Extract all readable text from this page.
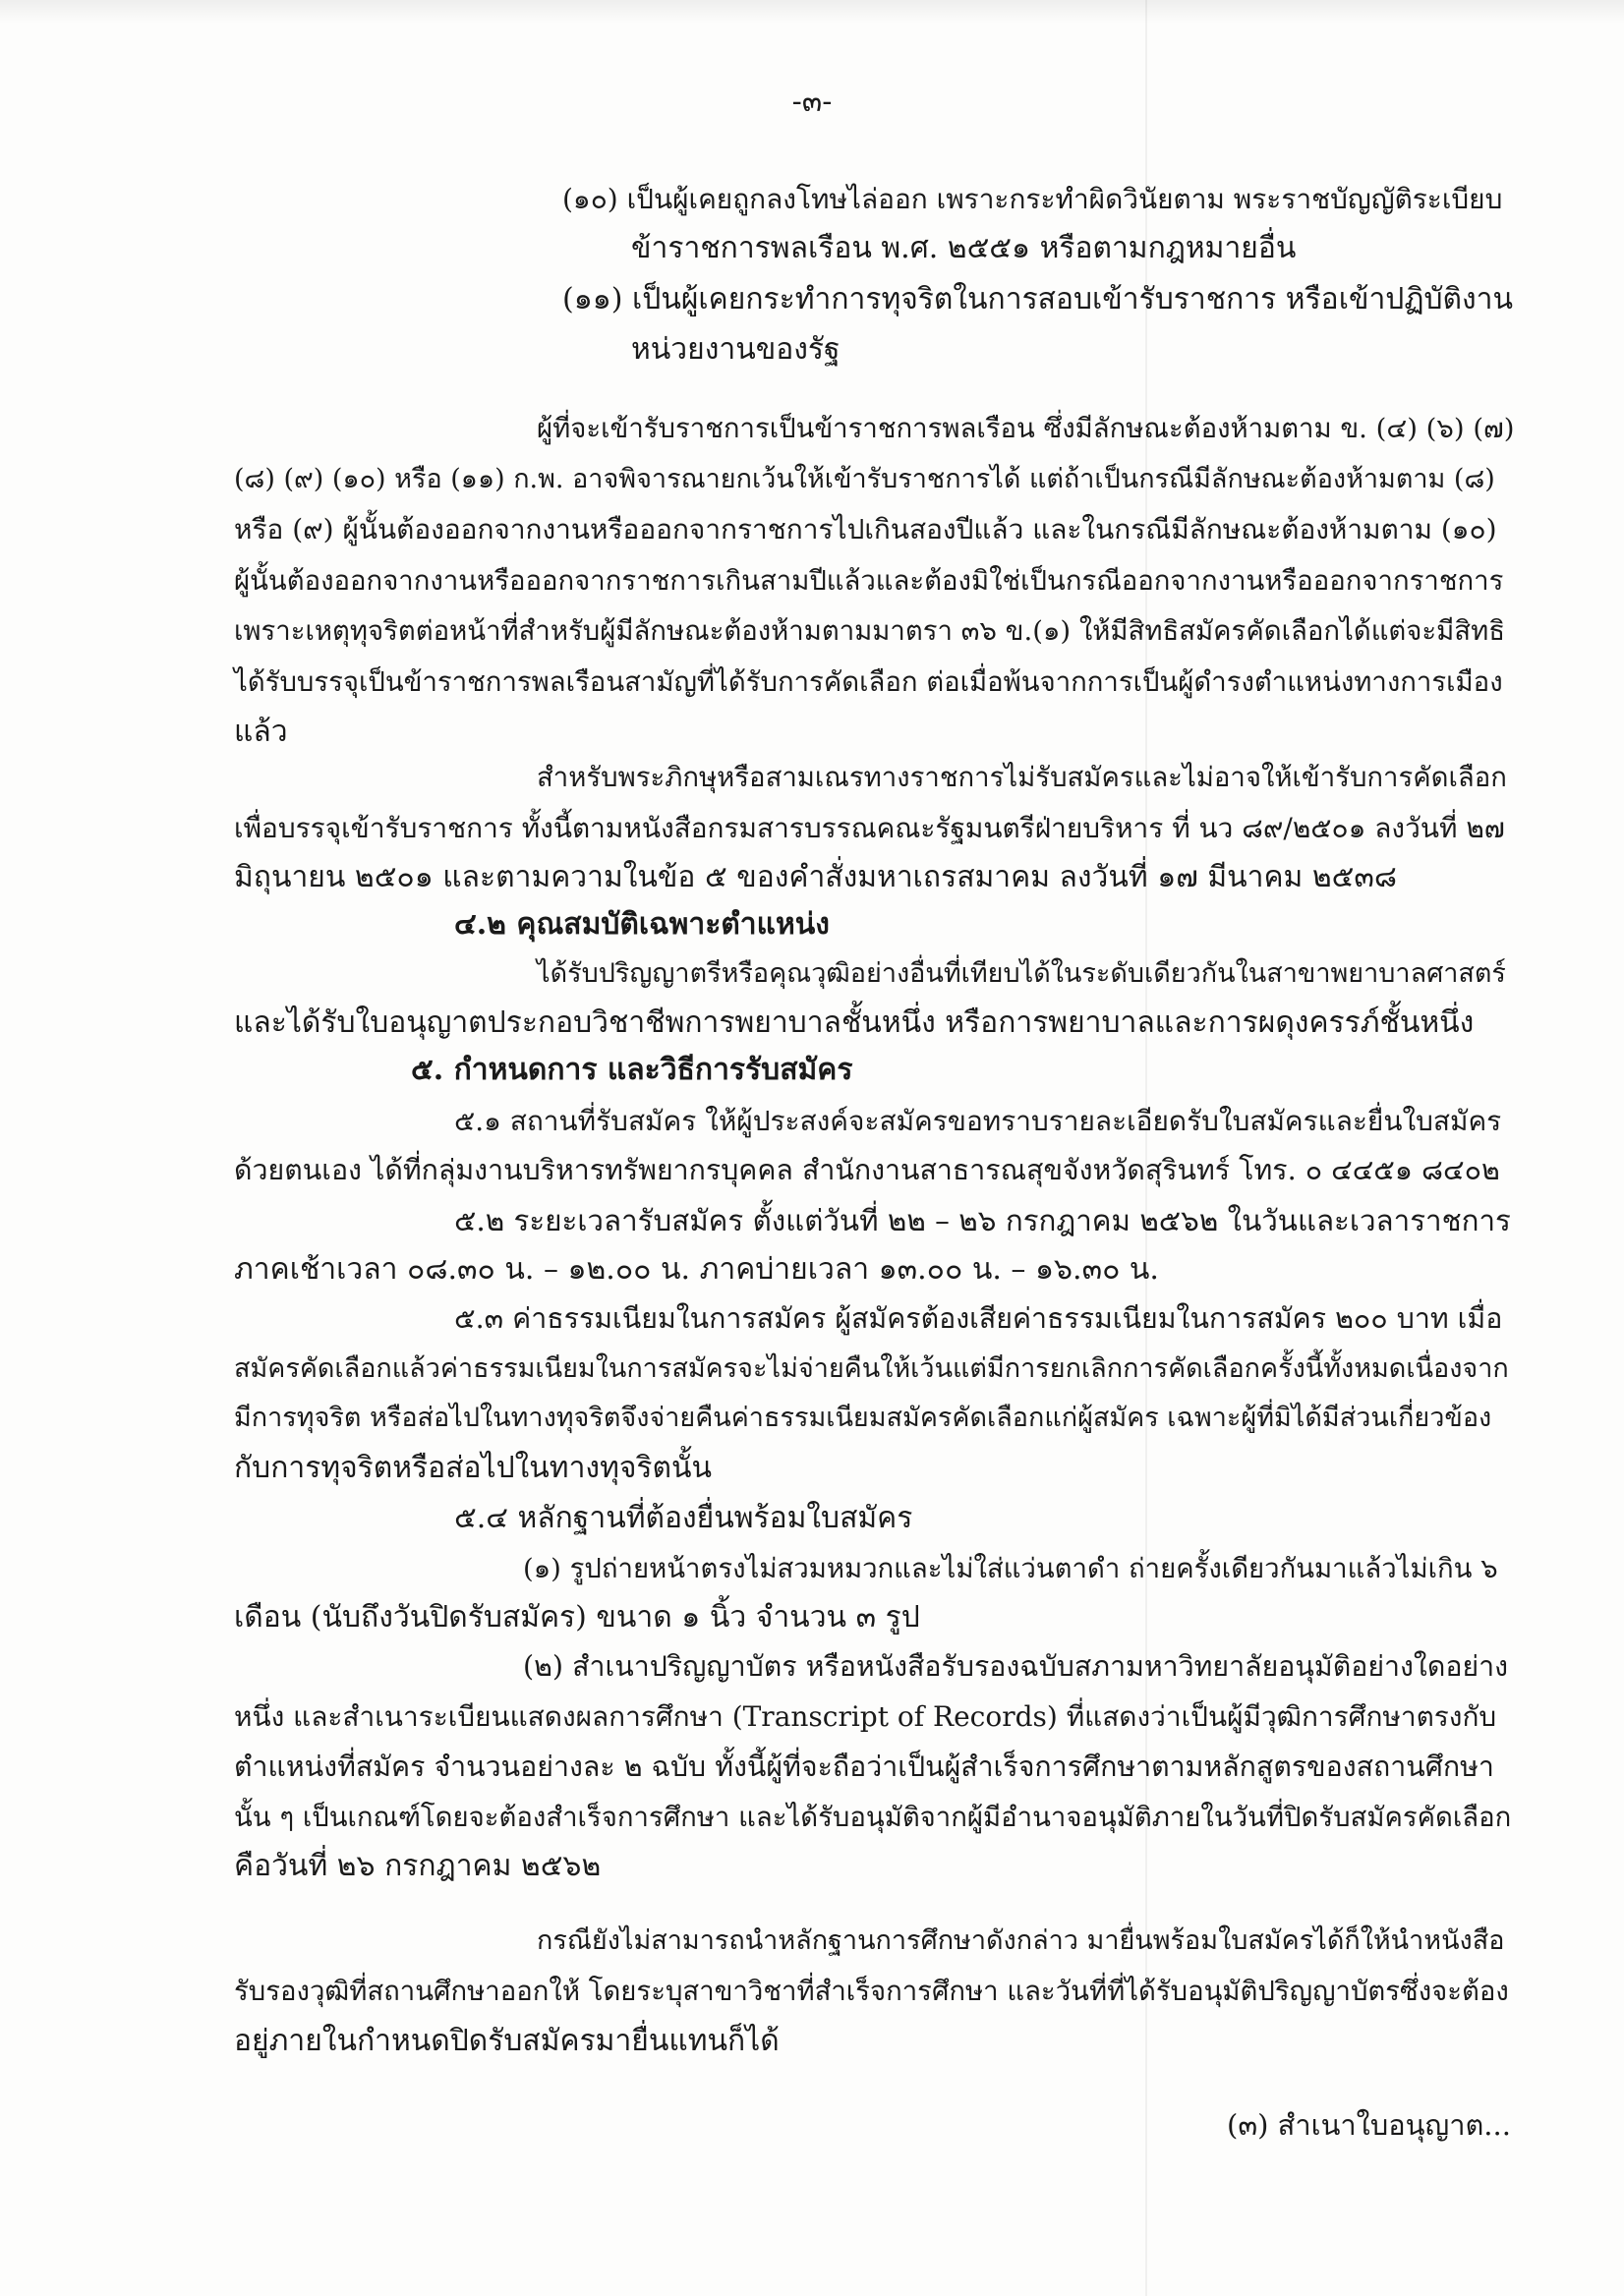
-๓-

(๑๐) เป็นผู้เคยถูกลงโทษไล่ออก เพราะกระทำผิดวินัยตาม พระราชบัญญัติระเบียบ

ข้าราชการพลเรือน พ.ศ. ๒๕๕๑ หรือตามกฎหมายอื่น

(๑๑) เป็นผู้เคยกระทำการทุจริตในการสอบเข้ารับราชการ หรือเข้าปฏิบัติงาน

หน่วยงานของรัฐ

ผู้ที่จะเข้ารับราชการเป็นข้าราชการพลเรือน ซึ่งมีลักษณะต้องห้ามตาม ข. (๔) (๖) (๗)

(๘) (๙) (๑๐) หรือ (๑๑) ก.พ. อาจพิจารณายกเว้นให้เข้ารับราชการได้ แต่ถ้าเป็นกรณีมีลักษณะต้องห้ามตาม (๘)

หรือ (๙) ผู้นั้นต้องออกจากงานหรือออกจากราชการไปเกินสองปีแล้ว และในกรณีมีลักษณะต้องห้ามตาม (๑๐)

ผู้นั้นต้องออกจากงานหรือออกจากราชการเกินสามปีแล้วและต้องมิใช่เป็นกรณีออกจากงานหรือออกจากราชการ

เพราะเหตุทุจริตต่อหน้าที่สำหรับผู้มีลักษณะต้องห้ามตามมาตรา ๓๖ ข.(๑) ให้มีสิทธิสมัครคัดเลือกได้แต่จะมีสิทธิ

ได้รับบรรจุเป็นข้าราชการพลเรือนสามัญที่ได้รับการคัดเลือก ต่อเมื่อพ้นจากการเป็นผู้ดำรงตำแหน่งทางการเมือง

แล้ว

สำหรับพระภิกษุหรือสามเณรทางราชการไม่รับสมัครและไม่อาจให้เข้ารับการคัดเลือก

เพื่อบรรจุเข้ารับราชการ ทั้งนี้ตามหนังสือกรมสารบรรณคณะรัฐมนตรีฝ่ายบริหาร ที่ นว ๘๙/๒๕๐๑ ลงวันที่ ๒๗

มิถุนายน ๒๕๐๑ และตามความในข้อ ๕ ของคำสั่งมหาเถรสมาคม ลงวันที่ ๑๗ มีนาคม ๒๕๓๘

๔.๒ คุณสมบัติเฉพาะตำแหน่ง

ได้รับปริญญาตรีหรือคุณวุฒิอย่างอื่นที่เทียบได้ในระดับเดียวกันในสาขาพยาบาลศาสตร์

และได้รับใบอนุญาตประกอบวิชาชีพการพยาบาลชั้นหนึ่ง หรือการพยาบาลและการผดุงครรภ์ชั้นหนึ่ง

๕. กำหนดการ และวิธีการรับสมัคร

๕.๑ สถานที่รับสมัคร ให้ผู้ประสงค์จะสมัครขอทราบรายละเอียดรับใบสมัครและยื่นใบสมัคร

ด้วยตนเอง ได้ที่กลุ่มงานบริหารทรัพยากรบุคคล สำนักงานสาธารณสุขจังหวัดสุรินทร์ โทร. ๐ ๔๔๕๑ ๘๔๐๒

๕.๒ ระยะเวลารับสมัคร ตั้งแต่วันที่ ๒๒ – ๒๖ กรกฎาคม ๒๕๖๒ ในวันและเวลาราชการ

ภาคเช้าเวลา ๐๘.๓๐ น. – ๑๒.๐๐ น. ภาคบ่ายเวลา ๑๓.๐๐ น. – ๑๖.๓๐ น.

๕.๓ ค่าธรรมเนียมในการสมัคร ผู้สมัครต้องเสียค่าธรรมเนียมในการสมัคร ๒๐๐ บาท เมื่อ

สมัครคัดเลือกแล้วค่าธรรมเนียมในการสมัครจะไม่จ่ายคืนให้เว้นแต่มีการยกเลิกการคัดเลือกครั้งนี้ทั้งหมดเนื่องจาก

มีการทุจริต หรือส่อไปในทางทุจริตจึงจ่ายคืนค่าธรรมเนียมสมัครคัดเลือกแก่ผู้สมัคร เฉพาะผู้ที่มิได้มีส่วนเกี่ยวข้อง

กับการทุจริตหรือส่อไปในทางทุจริตนั้น

๕.๔ หลักฐานที่ต้องยื่นพร้อมใบสมัคร

(๑) รูปถ่ายหน้าตรงไม่สวมหมวกและไม่ใส่แว่นตาดำ ถ่ายครั้งเดียวกันมาแล้วไม่เกิน ๖

เดือน (นับถึงวันปิดรับสมัคร) ขนาด ๑ นิ้ว จำนวน ๓ รูป

(๒) สำเนาปริญญาบัตร หรือหนังสือรับรองฉบับสภามหาวิทยาลัยอนุมัติอย่างใดอย่าง

หนึ่ง และสำเนาระเบียนแสดงผลการศึกษา (Transcript of Records) ที่แสดงว่าเป็นผู้มีวุฒิการศึกษาตรงกับ

ตำแหน่งที่สมัคร จำนวนอย่างละ ๒ ฉบับ ทั้งนี้ผู้ที่จะถือว่าเป็นผู้สำเร็จการศึกษาตามหลักสูตรของสถานศึกษา

นั้น ๆ เป็นเกณฑ์โดยจะต้องสำเร็จการศึกษา และได้รับอนุมัติจากผู้มีอำนาจอนุมัติภายในวันที่ปิดรับสมัครคัดเลือก

คือวันที่ ๒๖ กรกฎาคม ๒๕๖๒

กรณียังไม่สามารถนำหลักฐานการศึกษาดังกล่าว มายื่นพร้อมใบสมัครได้ก็ให้นำหนังสือ

รับรองวุฒิที่สถานศึกษาออกให้ โดยระบุสาขาวิชาที่สำเร็จการศึกษา และวันที่ที่ได้รับอนุมัติปริญญาบัตรซึ่งจะต้อง

อยู่ภายในกำหนดปิดรับสมัครมายื่นแทนก็ได้

(๓) สำเนาใบอนุญาต...
